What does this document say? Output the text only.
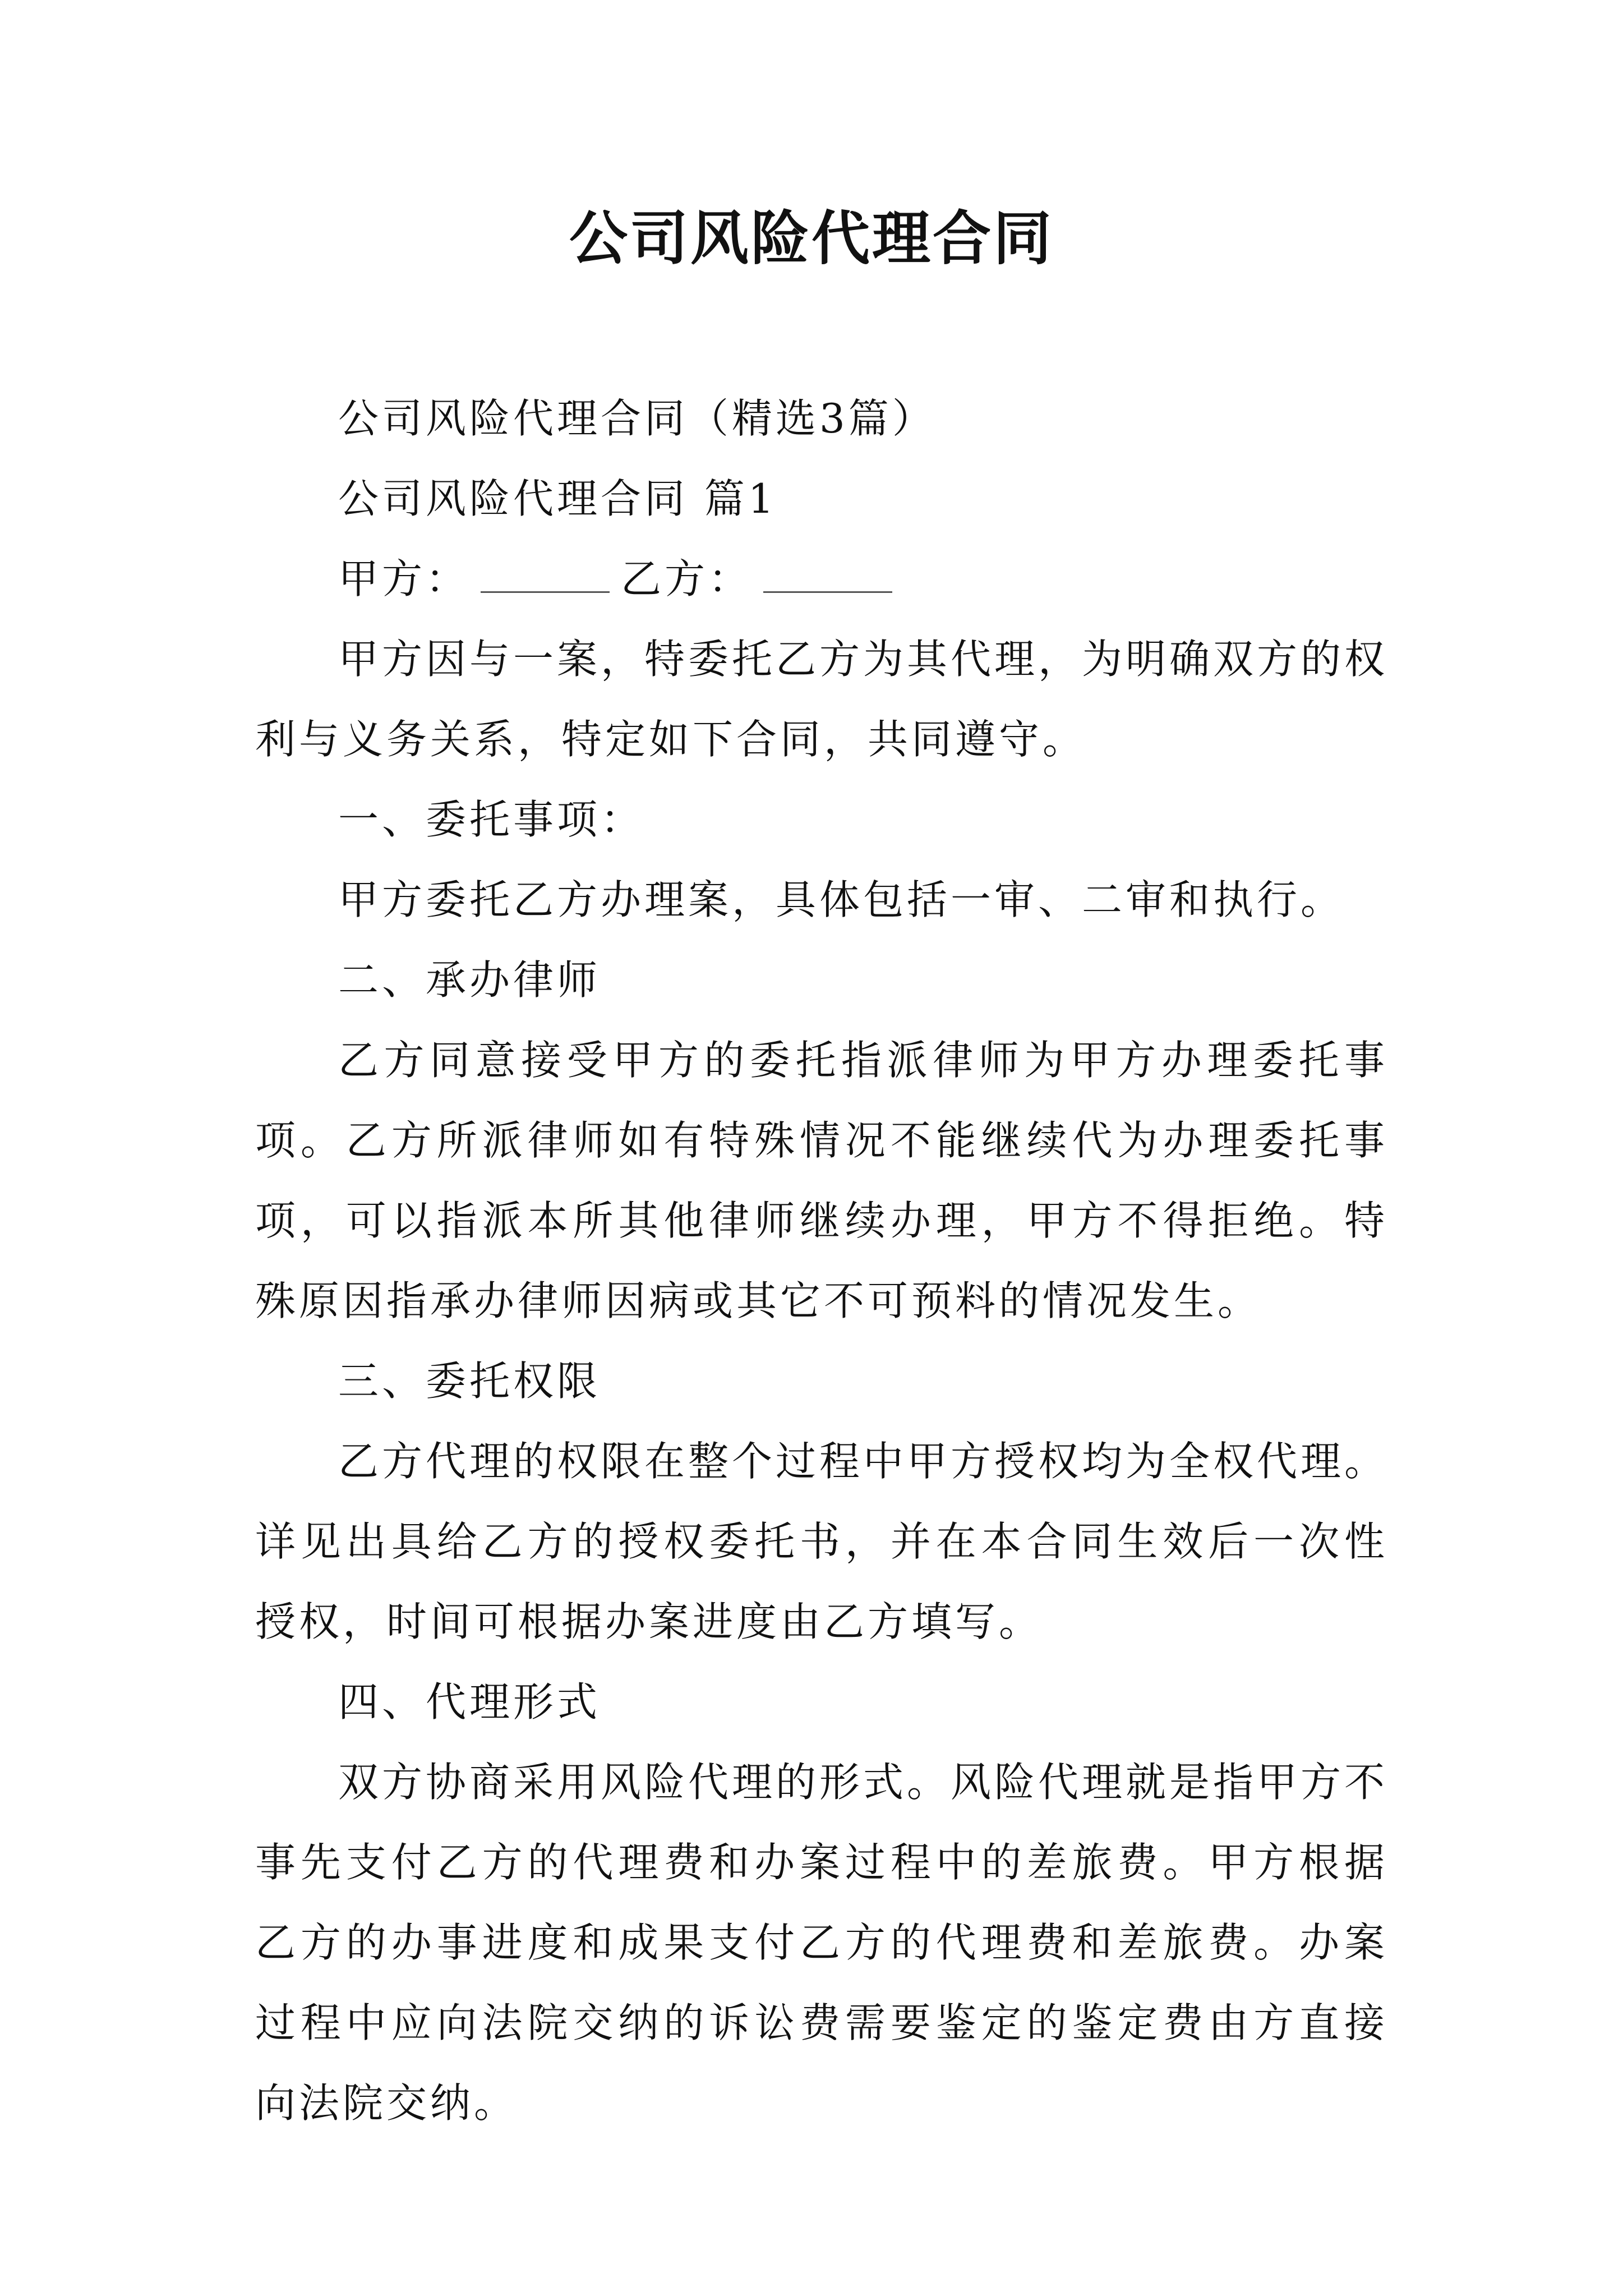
公司风险代理合同

公司风险代理合同（精选3篇）

公司风险代理合同 篇1

甲方：	乙方：

甲方因与一案，特委托乙方为其代理，为明确双方的权利与义务关系，特定如下合同，共同遵守。

一、委托事项：

甲方委托乙方办理案，具体包括一审、二审和执行。

二、承办律师

乙方同意接受甲方的委托指派律师为甲方办理委托事项。乙方所派律师如有特殊情况不能继续代为办理委托事项，可以指派本所其他律师继续办理，甲方不得拒绝。特殊原因指承办律师因病或其它不可预料的情况发生。

三、委托权限

乙方代理的权限在整个过程中甲方授权均为全权代理。详见出具给乙方的授权委托书，并在本合同生效后一次性授权，时间可根据办案进度由乙方填写。

四、代理形式

双方协商采用风险代理的形式。风险代理就是指甲方不事先支付乙方的代理费和办案过程中的差旅费。甲方根据乙方的办事进度和成果支付乙方的代理费和差旅费。办案过程中应向法院交纳的诉讼费需要鉴定的鉴定费由方直接向法院交纳。
